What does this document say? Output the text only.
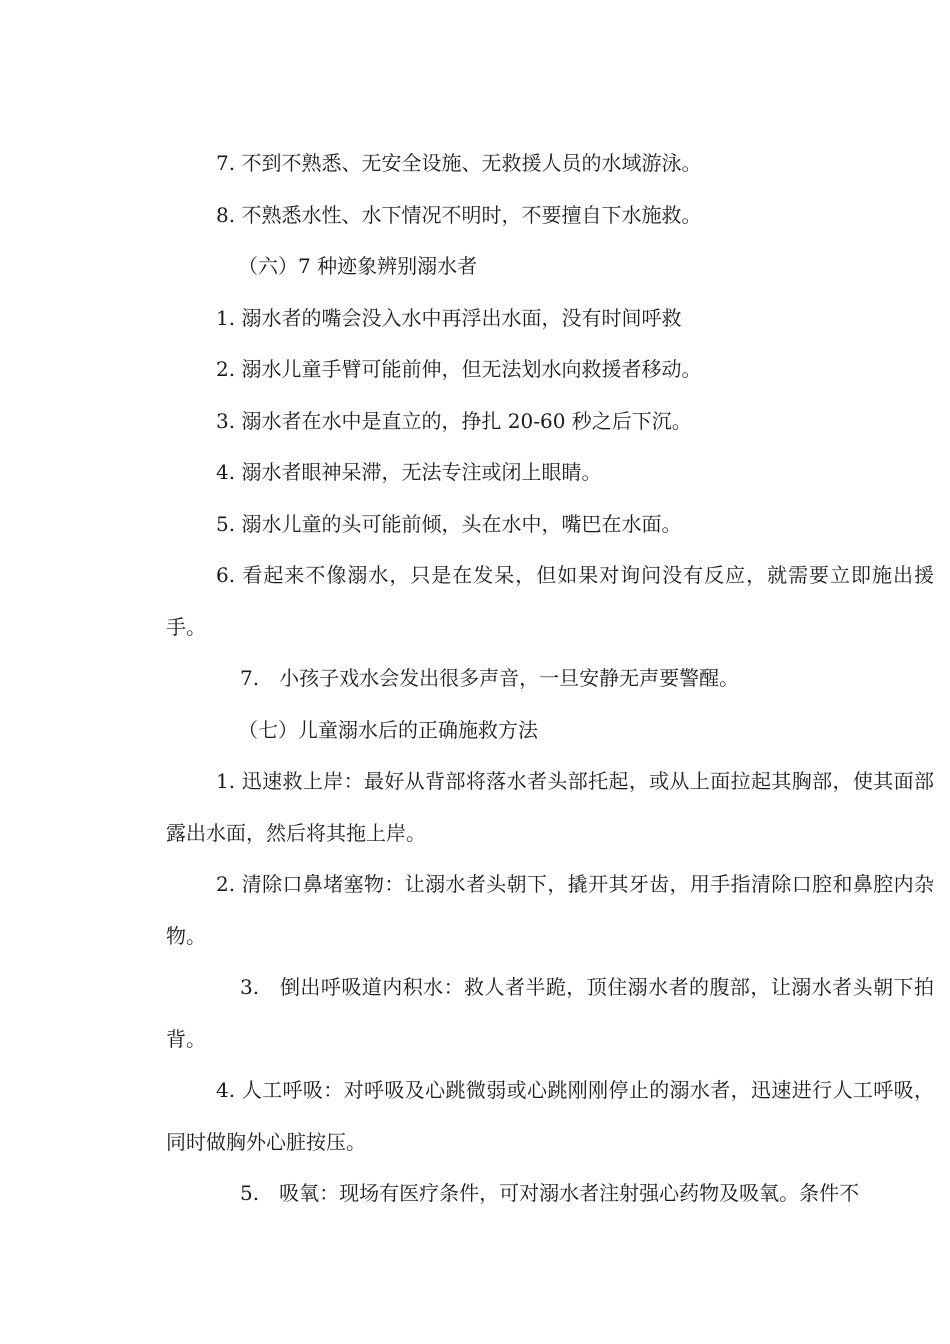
7. 不到不熟悉、无安全设施、无救援人员的水域游泳。

8. 不熟悉水性、水下情况不明时，不要擅自下水施救。

（六）7 种迹象辨别溺水者

1. 溺水者的嘴会没入水中再浮出水面，没有时间呼救

2. 溺水儿童手臂可能前伸，但无法划水向救援者移动。

3. 溺水者在水中是直立的，挣扎 20-60 秒之后下沉。

4. 溺水者眼神呆滞，无法专注或闭上眼睛。

5. 溺水儿童的头可能前倾，头在水中，嘴巴在水面。

6. 看起来不像溺水，只是在发呆，但如果对询问没有反应，就需要立即施出援手。

7.　小孩子戏水会发出很多声音，一旦安静无声要警醒。

（七）儿童溺水后的正确施救方法

1. 迅速救上岸：最好从背部将落水者头部托起，或从上面拉起其胸部，使其面部露出水面，然后将其拖上岸。

2. 清除口鼻堵塞物：让溺水者头朝下，撬开其牙齿，用手指清除口腔和鼻腔内杂物。

3.　倒出呼吸道内积水：救人者半跪，顶住溺水者的腹部，让溺水者头朝下拍背。

4. 人工呼吸：对呼吸及心跳微弱或心跳刚刚停止的溺水者，迅速进行人工呼吸，同时做胸外心脏按压。

5.　吸氧：现场有医疗条件，可对溺水者注射强心药物及吸氧。条件不
